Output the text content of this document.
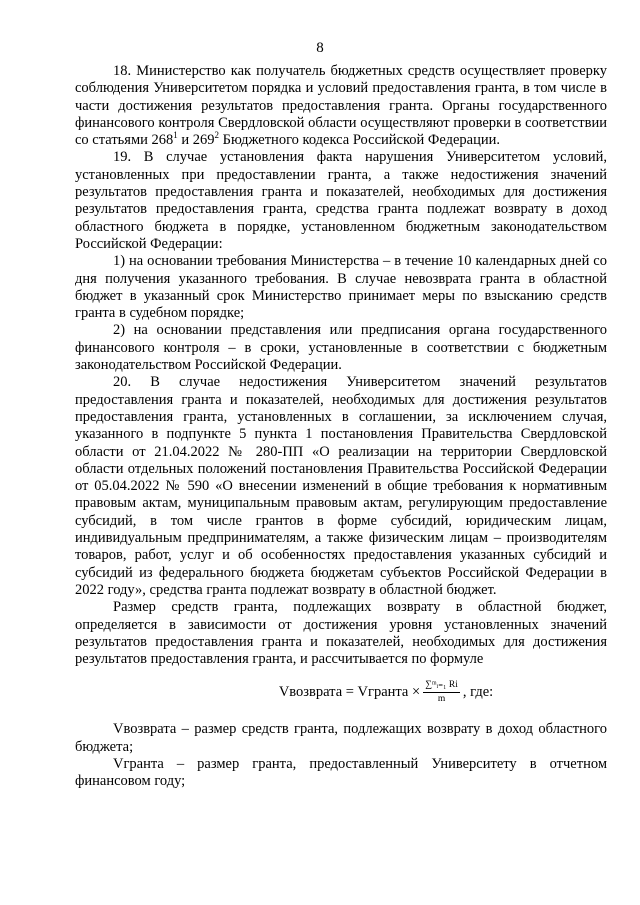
8

18. Министерство как получатель бюджетных средств осуществляет проверку соблюдения Университетом порядка и условий предоставления гранта, в том числе в части достижения результатов предоставления гранта. Органы государственного финансового контроля Свердловской области осуществляют проверки в соответствии со статьями $268^1$ и $269^2$ Бюджетного кодекса Российской Федерации.

19. В случае установления факта нарушения Университетом условий, установленных при предоставлении гранта, а также недостижения значений результатов предоставления гранта и показателей, необходимых для достижения результатов предоставления гранта, средства гранта подлежат возврату в доход областного бюджета в порядке, установленном бюджетным законодательством Российской Федерации:

1) на основании требования Министерства – в течение 10 календарных дней со дня получения указанного требования. В случае невозврата гранта в областной бюджет в указанный срок Министерство принимает меры по взысканию средств гранта в судебном порядке;

2) на основании представления или предписания органа государственного финансового контроля – в сроки, установленные в соответствии с бюджетным законодательством Российской Федерации.

20. В случае недостижения Университетом значений результатов предоставления гранта и показателей, необходимых для достижения результатов предоставления гранта, установленных в соглашении, за исключением случая, указанного в подпункте 5 пункта 1 постановления Правительства Свердловской области от 21.04.2022 № 280-ПП «О реализации на территории Свердловской области отдельных положений постановления Правительства Российской Федерации от 05.04.2022 № 590 «О внесении изменений в общие требования к нормативным правовым актам, муниципальным правовым актам, регулирующим предоставление субсидий, в том числе грантов в форме субсидий, юридическим лицам, индивидуальным предпринимателям, а также физическим лицам – производителям товаров, работ, услуг и об особенностях предоставления указанных субсидий и субсидий из федерального бюджета бюджетам субъектов Российской Федерации в 2022 году», средства гранта подлежат возврату в областной бюджет.

Размер средств гранта, подлежащих возврату в областной бюджет, определяется в зависимости от достижения уровня установленных значений результатов предоставления гранта и показателей, необходимых для достижения результатов предоставления гранта, и рассчитывается по формуле

Vвозврата = Vгранта × $\frac{\text{∑ᵐᵢ₌₁ Ri}}{m}$ , где:

Vвозврата – размер средств гранта, подлежащих возврату в доход областного бюджета;

Vгранта – размер гранта, предоставленный Университету в отчетном финансовом году;
